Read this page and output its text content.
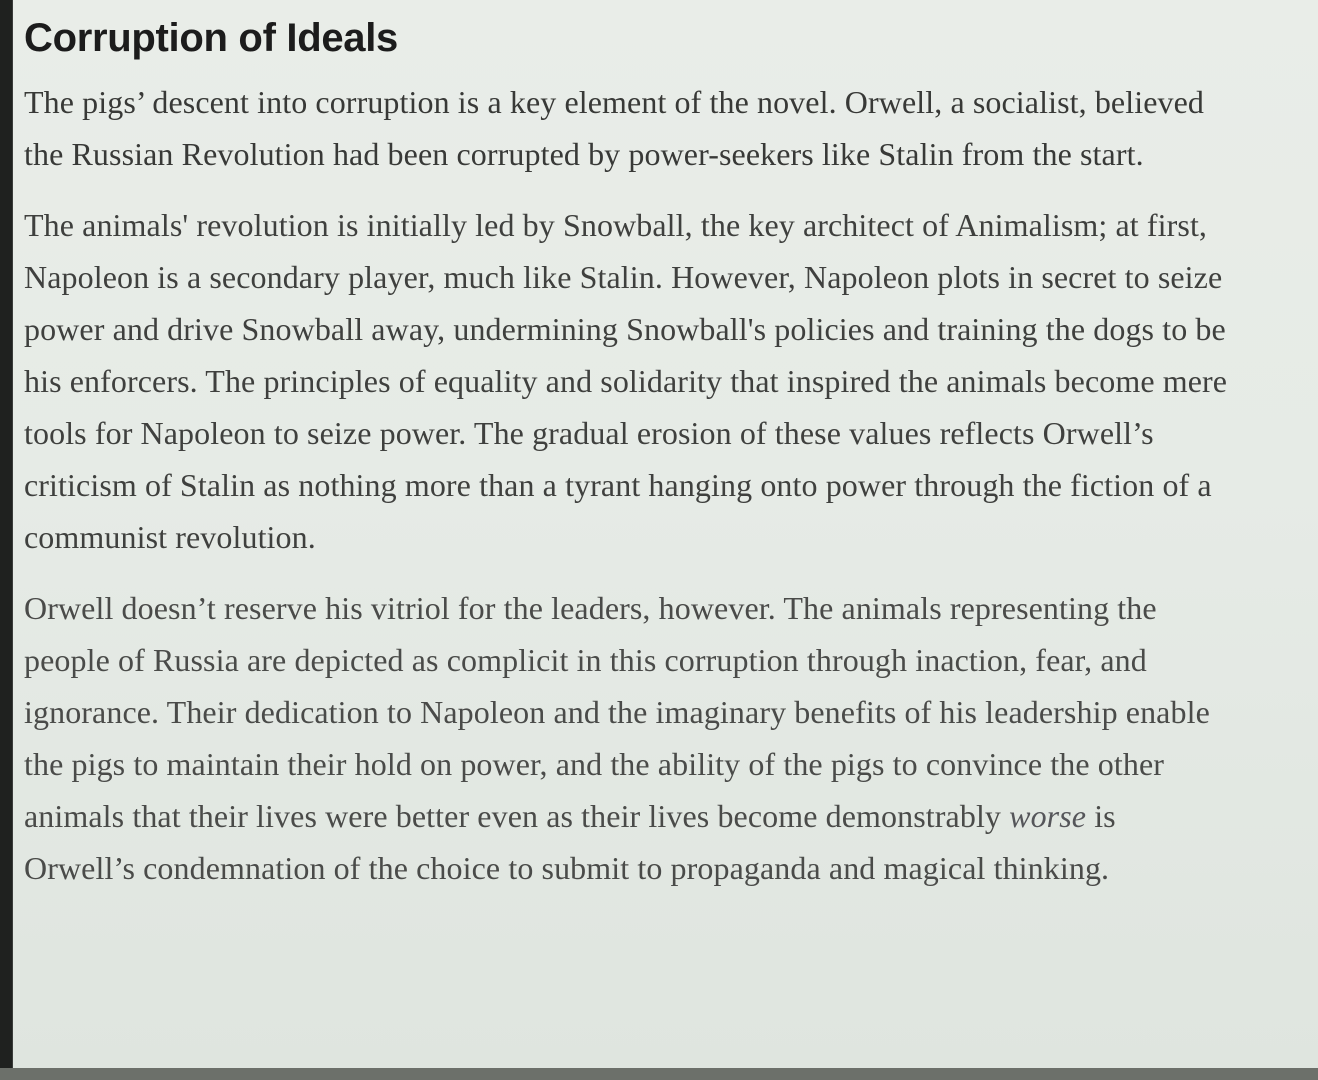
Corruption of Ideals

The pigs’ descent into corruption is a key element of the novel. Orwell, a socialist, believed the Russian Revolution had been corrupted by power-seekers like Stalin from the start.

The animals' revolution is initially led by Snowball, the key architect of Animalism; at first, Napoleon is a secondary player, much like Stalin. However, Napoleon plots in secret to seize power and drive Snowball away, undermining Snowball's policies and training the dogs to be his enforcers. The principles of equality and solidarity that inspired the animals become mere tools for Napoleon to seize power. The gradual erosion of these values reflects Orwell’s criticism of Stalin as nothing more than a tyrant hanging onto power through the fiction of a communist revolution.

Orwell doesn’t reserve his vitriol for the leaders, however. The animals representing the people of Russia are depicted as complicit in this corruption through inaction, fear, and ignorance. Their dedication to Napoleon and the imaginary benefits of his leadership enable the pigs to maintain their hold on power, and the ability of the pigs to convince the other animals that their lives were better even as their lives become demonstrably worse is Orwell’s condemnation of the choice to submit to propaganda and magical thinking.
